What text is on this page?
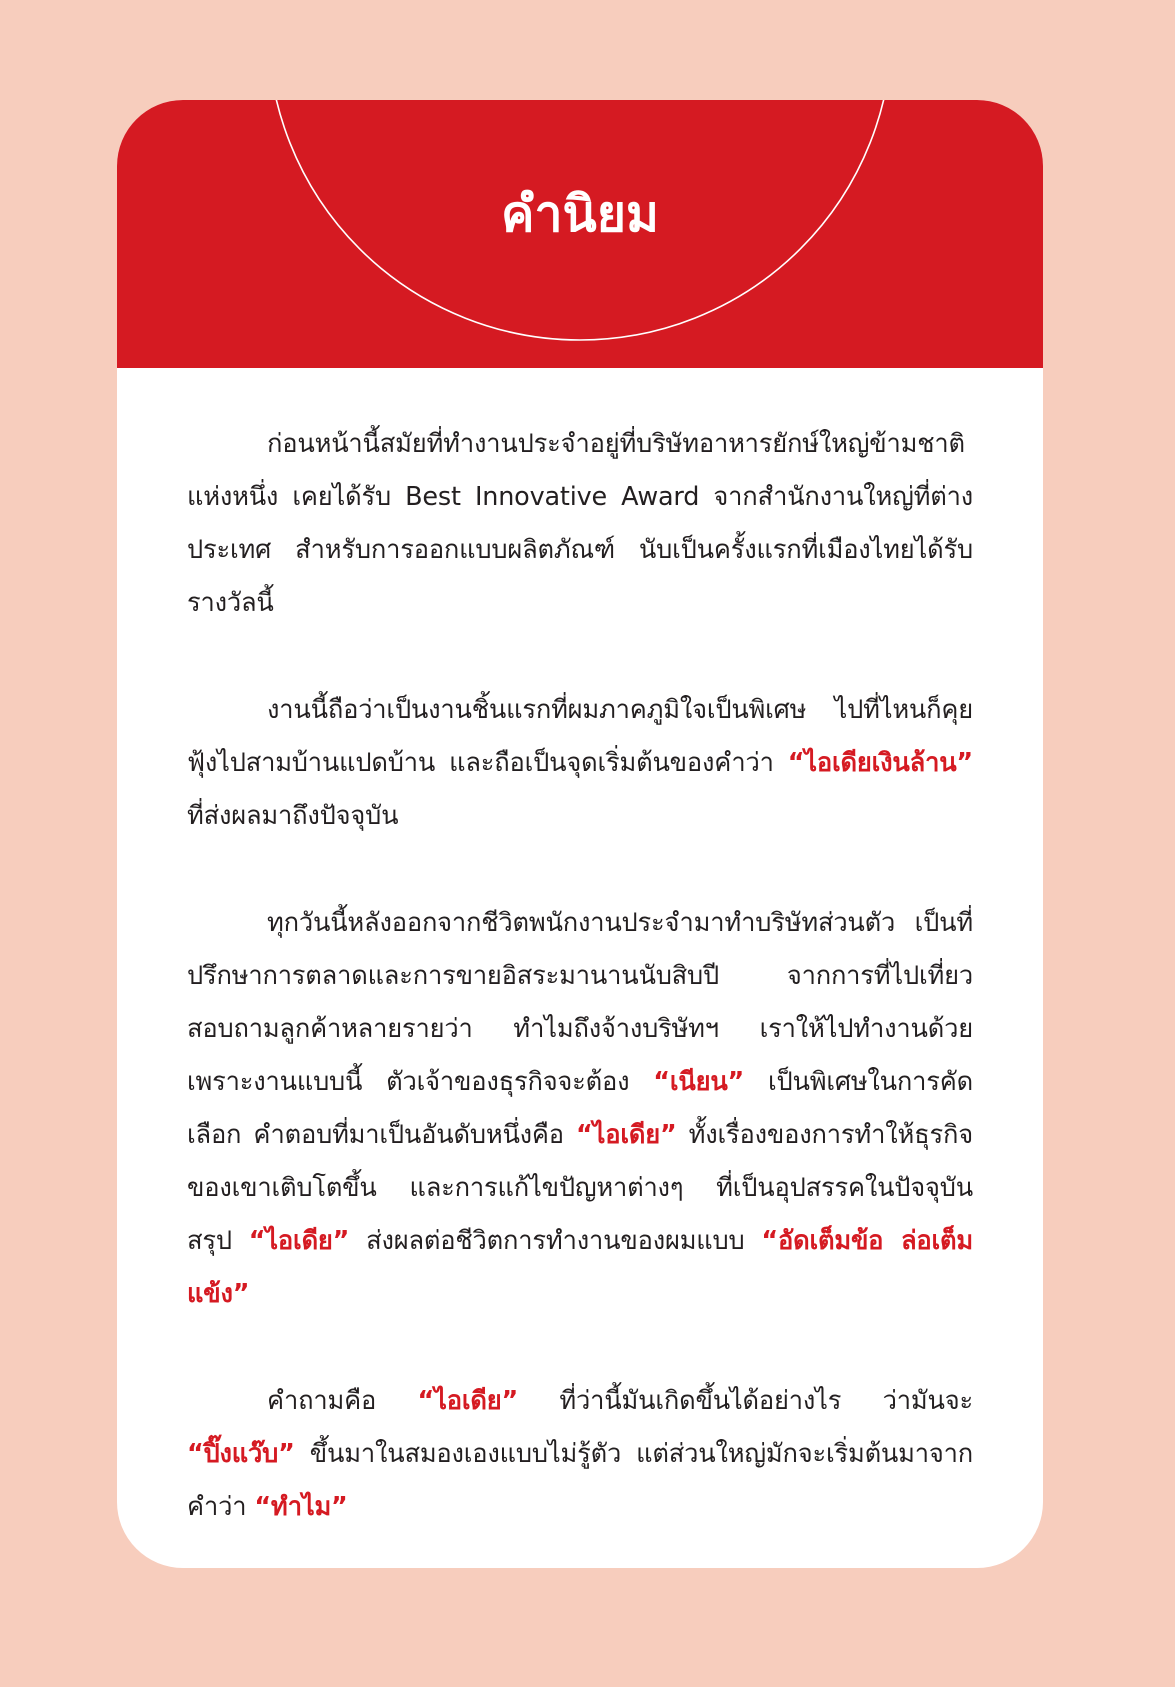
คำนิยม

ก่อนหน้านี้สมัยที่ทำงานประจำอยู่ที่บริษัทอาหารยักษ์ใหญ่ข้ามชาติแห่งหนึ่ง เคยได้รับ Best Innovative Award จากสำนักงานใหญ่ที่ต่างประเทศ สำหรับการออกแบบผลิตภัณฑ์ นับเป็นครั้งแรกที่เมืองไทยได้รับรางวัลนี้

งานนี้ถือว่าเป็นงานชิ้นแรกที่ผมภาคภูมิใจเป็นพิเศษ ไปที่ไหนก็คุยฟุ้งไปสามบ้านแปดบ้าน และถือเป็นจุดเริ่มต้นของคำว่า “ไอเดียเงินล้าน” ที่ส่งผลมาถึงปัจจุบัน

ทุกวันนี้หลังออกจากชีวิตพนักงานประจำมาทำบริษัทส่วนตัว เป็นที่ปรึกษาการตลาดและการขายอิสระมานานนับสิบปี จากการที่ไปเที่ยวสอบถามลูกค้าหลายรายว่า ทำไมถึงจ้างบริษัทฯ เราให้ไปทำงานด้วย เพราะงานแบบนี้ ตัวเจ้าของธุรกิจจะต้อง “เนียน” เป็นพิเศษในการคัดเลือก คำตอบที่มาเป็นอันดับหนึ่งคือ “ไอเดีย” ทั้งเรื่องของการทำให้ธุรกิจของเขาเติบโตขึ้น และการแก้ไขปัญหาต่างๆ ที่เป็นอุปสรรคในปัจจุบัน สรุป “ไอเดีย” ส่งผลต่อชีวิตการทำงานของผมแบบ “อัดเต็มข้อ ล่อเต็มแข้ง”

คำถามคือ “ไอเดีย” ที่ว่านี้มันเกิดขึ้นได้อย่างไร ว่ามันจะ “ปิ๊งแว๊บ” ขึ้นมาในสมองเองแบบไม่รู้ตัว แต่ส่วนใหญ่มักจะเริ่มต้นมาจากคำว่า “ทำไม”
